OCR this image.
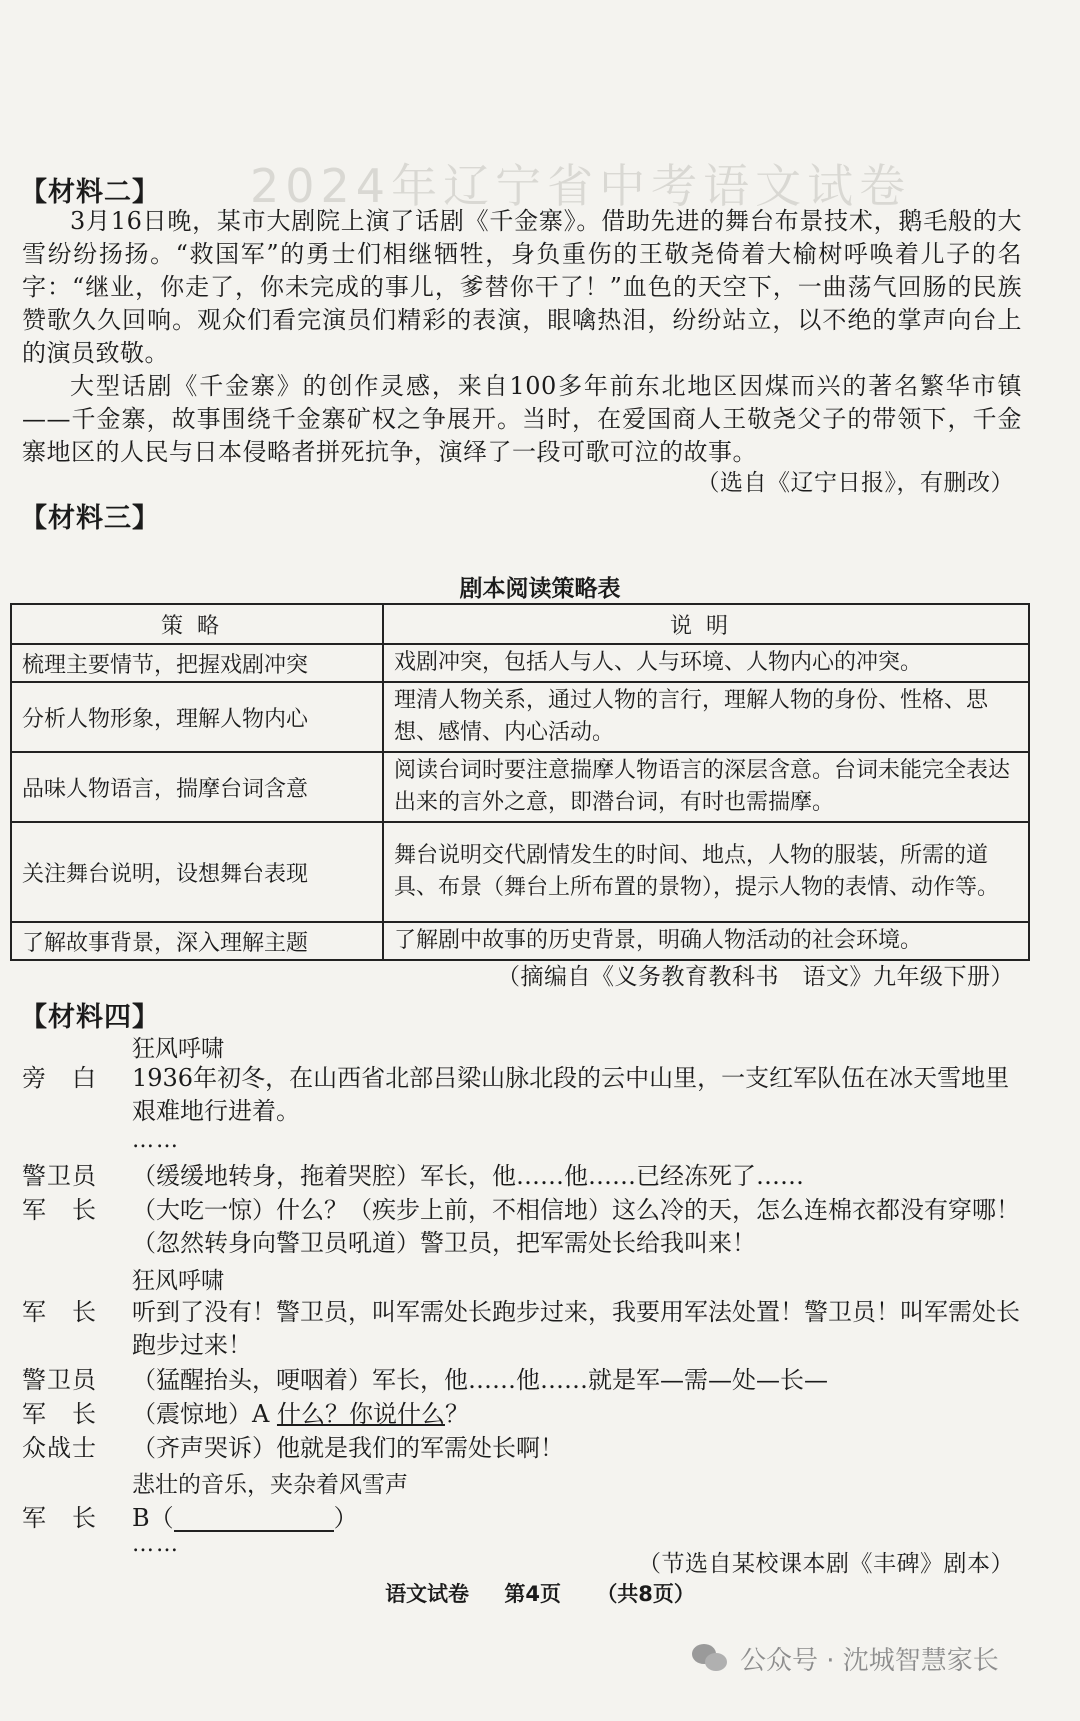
2024年辽宁省中考语文试卷
【材料二】

3月16日晚，某市大剧院上演了话剧《千金寨》。借助先进的舞台布景技术，鹅毛般的大雪纷纷扬扬。“救国军”的勇士们相继牺牲，身负重伤的王敬尧倚着大榆树呼唤着儿子的名字：“继业，你走了，你未完成的事儿，爹替你干了！”血色的天空下，一曲荡气回肠的民族赞歌久久回响。观众们看完演员们精彩的表演，眼噙热泪，纷纷站立，以不绝的掌声向台上的演员致敬。

大型话剧《千金寨》的创作灵感，来自100多年前东北地区因煤而兴的著名繁华市镇——千金寨，故事围绕千金寨矿权之争展开。当时，在爱国商人王敬尧父子的带领下，千金寨地区的人民与日本侵略者拼死抗争，演绎了一段可歌可泣的故事。

（选自《辽宁日报》，有删改）
【材料三】
剧本阅读策略表
策略	说明
梳理主要情节，把握戏剧冲突	戏剧冲突，包括人与人、人与环境、人物内心的冲突。
分析人物形象，理解人物内心	理清人物关系，通过人物的言行，理解人物的身份、性格、思想、感情、内心活动。
品味人物语言，揣摩台词含意	阅读台词时要注意揣摩人物语言的深层含意。台词未能完全表达出来的言外之意，即潜台词，有时也需揣摩。
关注舞台说明，设想舞台表现	舞台说明交代剧情发生的时间、地点，人物的服装，所需的道具、布景（舞台上所布置的景物），提示人物的表情、动作等。
了解故事背景，深入理解主题	了解剧中故事的历史背景，明确人物活动的社会环境。
（摘编自《义务教育教科书　语文》九年级下册）
【材料四】
狂风呼啸
旁　白	1936年初冬，在山西省北部吕梁山脉北段的云中山里，一支红军队伍在冰天雪地里艰难地行进着。
……
警卫员	（缓缓地转身，拖着哭腔）军长，他……他……已经冻死了……
军　长	（大吃一惊）什么？（疾步上前，不相信地）这么冷的天，怎么连棉衣都没有穿哪！（忽然转身向警卫员吼道）警卫员，把军需处长给我叫来！
狂风呼啸
军　长	听到了没有！警卫员，叫军需处长跑步过来，我要用军法处置！警卫员！叫军需处长跑步过来！
警卫员	（猛醒抬头，哽咽着）军长，他……他……就是军—需—处—长—
军　长	（震惊地）A 什么？你说什么？
众战士	（齐声哭诉）他就是我们的军需处长啊！
悲壮的音乐，夹杂着风雪声
军　长	B（	）
……
（节选自某校课本剧《丰碑》剧本）
语文试卷 第4页 （共8页）
公众号 · 沈城智慧家长
